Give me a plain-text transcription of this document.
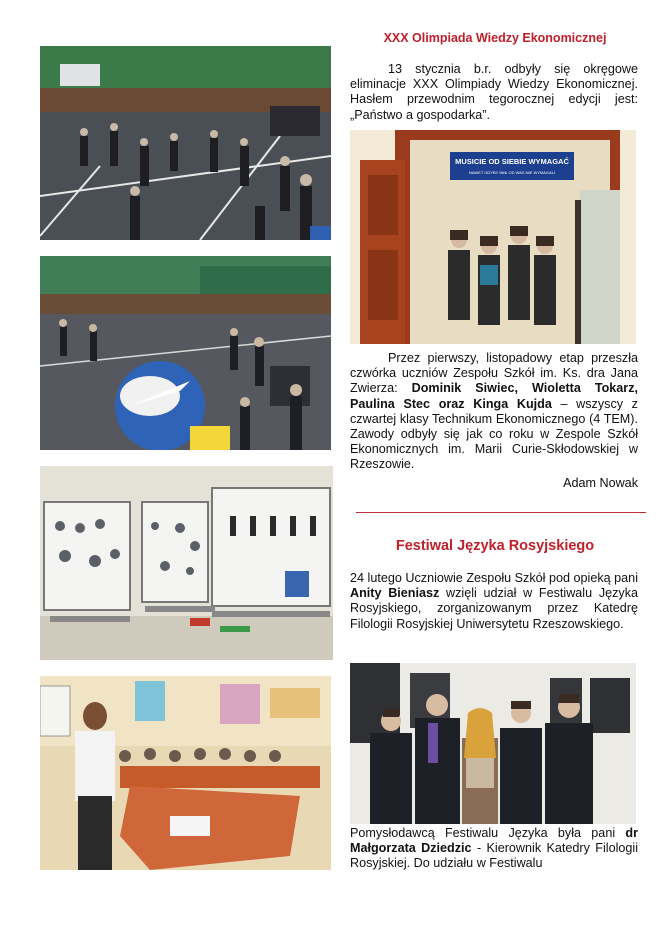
XXX Olimpiada Wiedzy Ekonomicznej

13 stycznia b.r. odbyły się okręgowe eliminacje XXX Olimpiady Wiedzy Ekonomicznej. Hasłem przewodnim tegorocznej edycji jest: „Państwo a gospodarka”.

MUSICIE OD SIEBIE WYMAGAĆ
NAWET GDYBY INNI OD WAS NIE WYMAGALI

Przez pierwszy, listopadowy etap przeszła czwórka uczniów Zespołu Szkół im. Ks. dra Jana Zwierza: Dominik Siwiec, Wioletta Tokarz, Paulina Stec oraz Kinga Kujda – wszyscy z czwartej klasy Technikum Ekonomicznego (4 TEM). Zawody odbyły się jak co roku w Zespole Szkół Ekonomicznych im. Marii Curie-Skłodowskiej w Rzeszowie.

Adam Nowak
Festiwal Języka Rosyjskiego

24 lutego Uczniowie Zespołu Szkół pod opieką pani Anity Bieniasz wzięli udział w Festiwalu Języka Rosyjskiego, zorganizowanym przez Katedrę Filologii Rosyjskiej Uniwersytetu Rzeszowskiego.

Pomysłodawcą Festiwalu Języka była pani dr Małgorzata Dziedzic - Kierownik Katedry Filologii Rosyjskiej. Do udziału w Festiwalu
